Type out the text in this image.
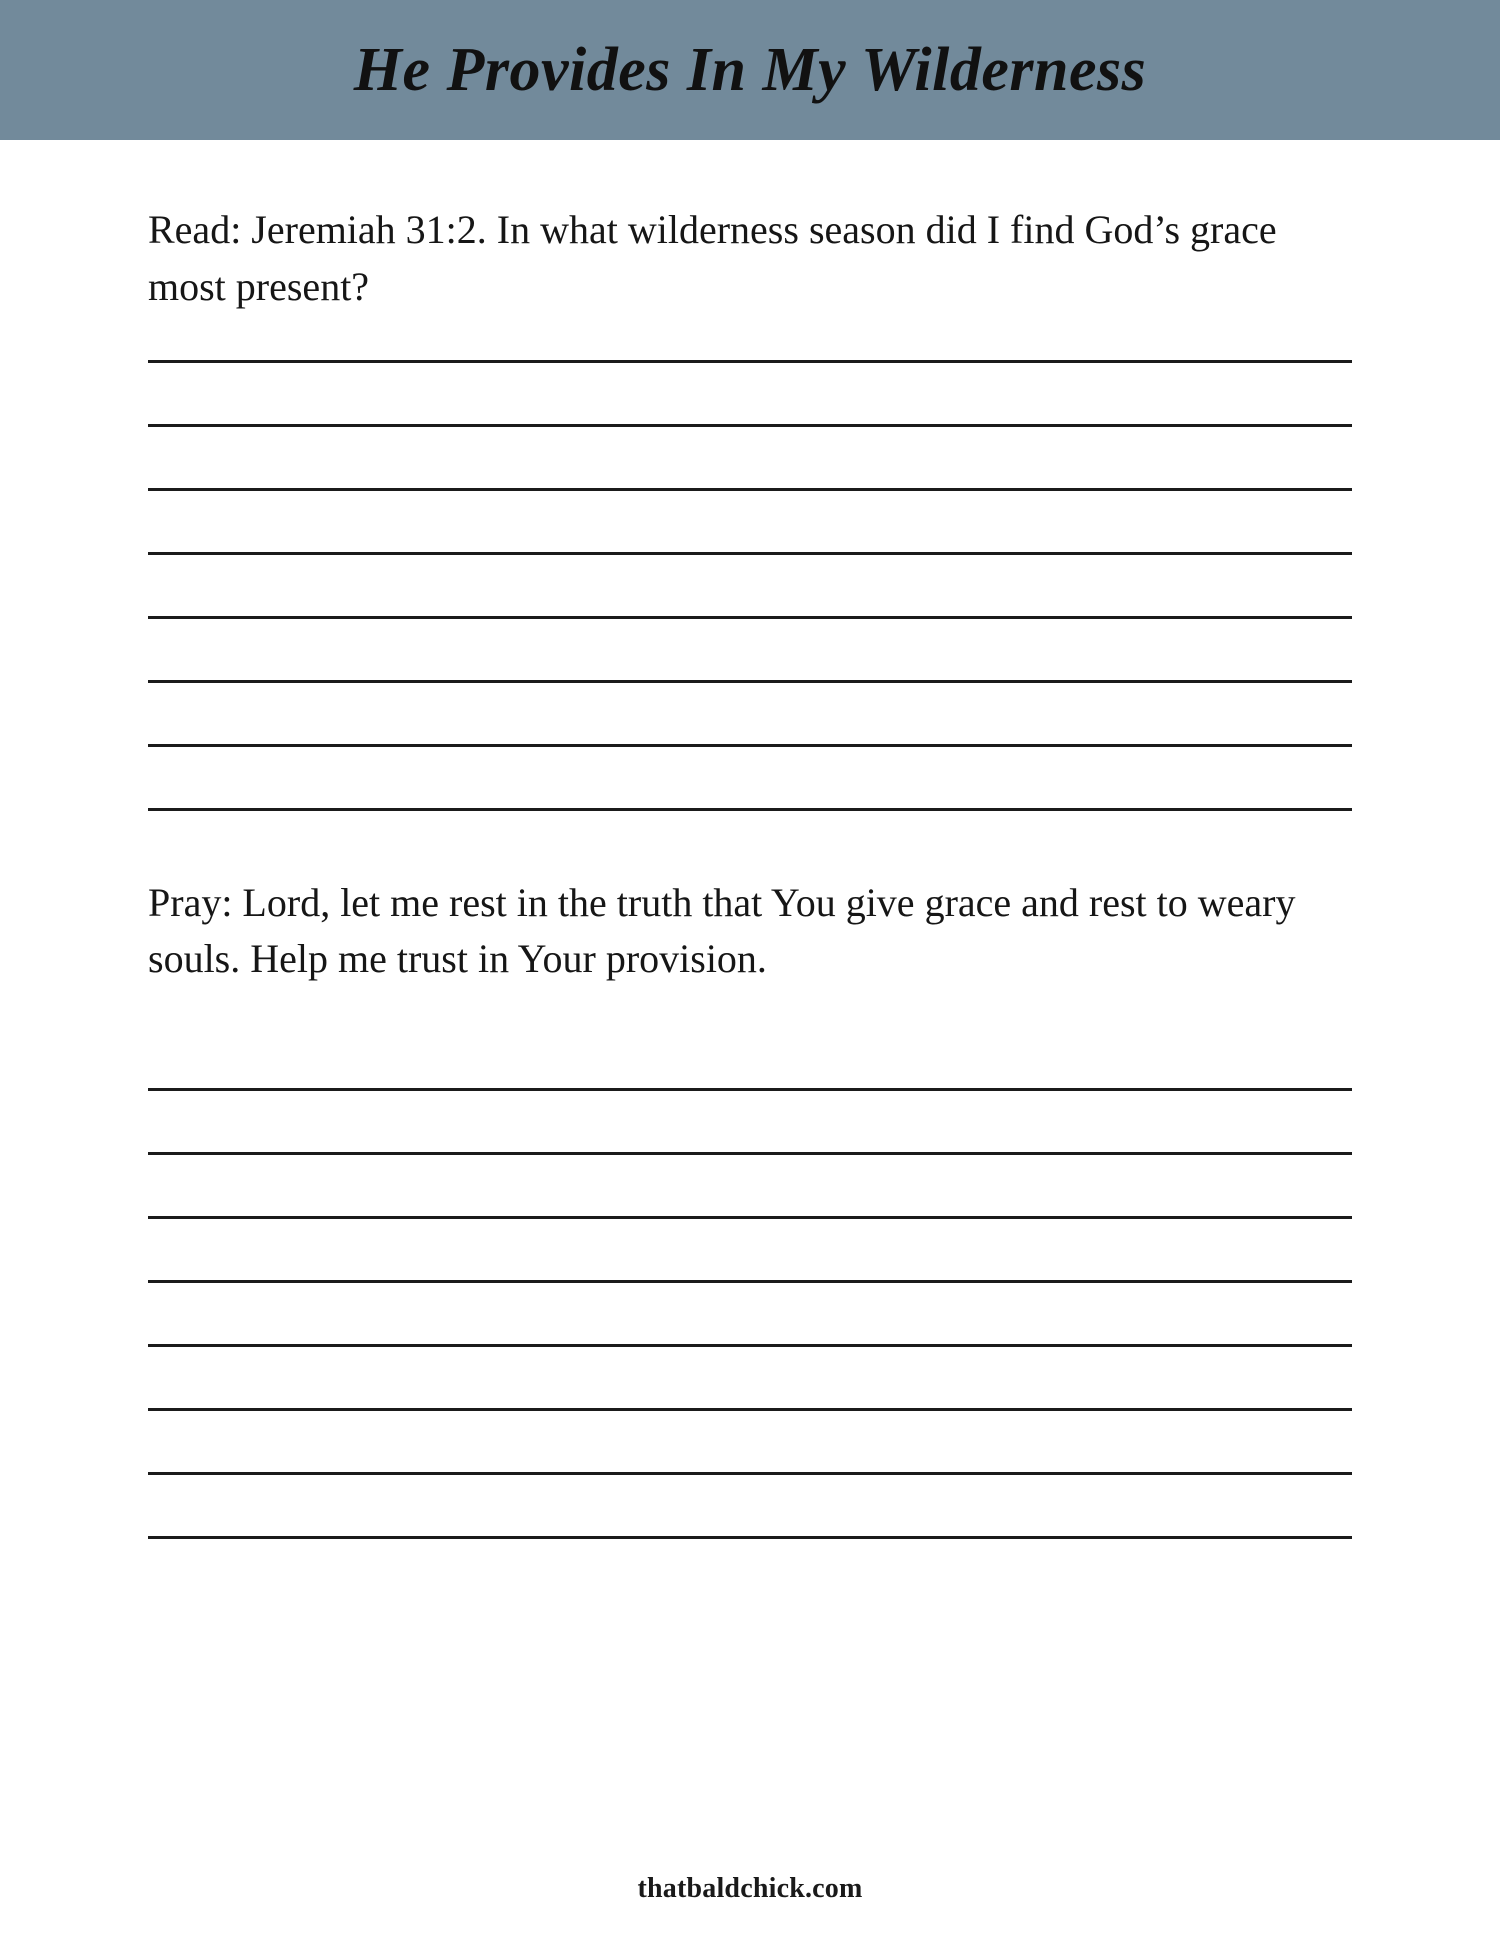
He Provides In My Wilderness

Read: Jeremiah 31:2. In what wilderness season did I find God’s grace most present?

Pray: Lord, let me rest in the truth that You give grace and rest to weary souls. Help me trust in Your provision.

thatbaldchick.com
